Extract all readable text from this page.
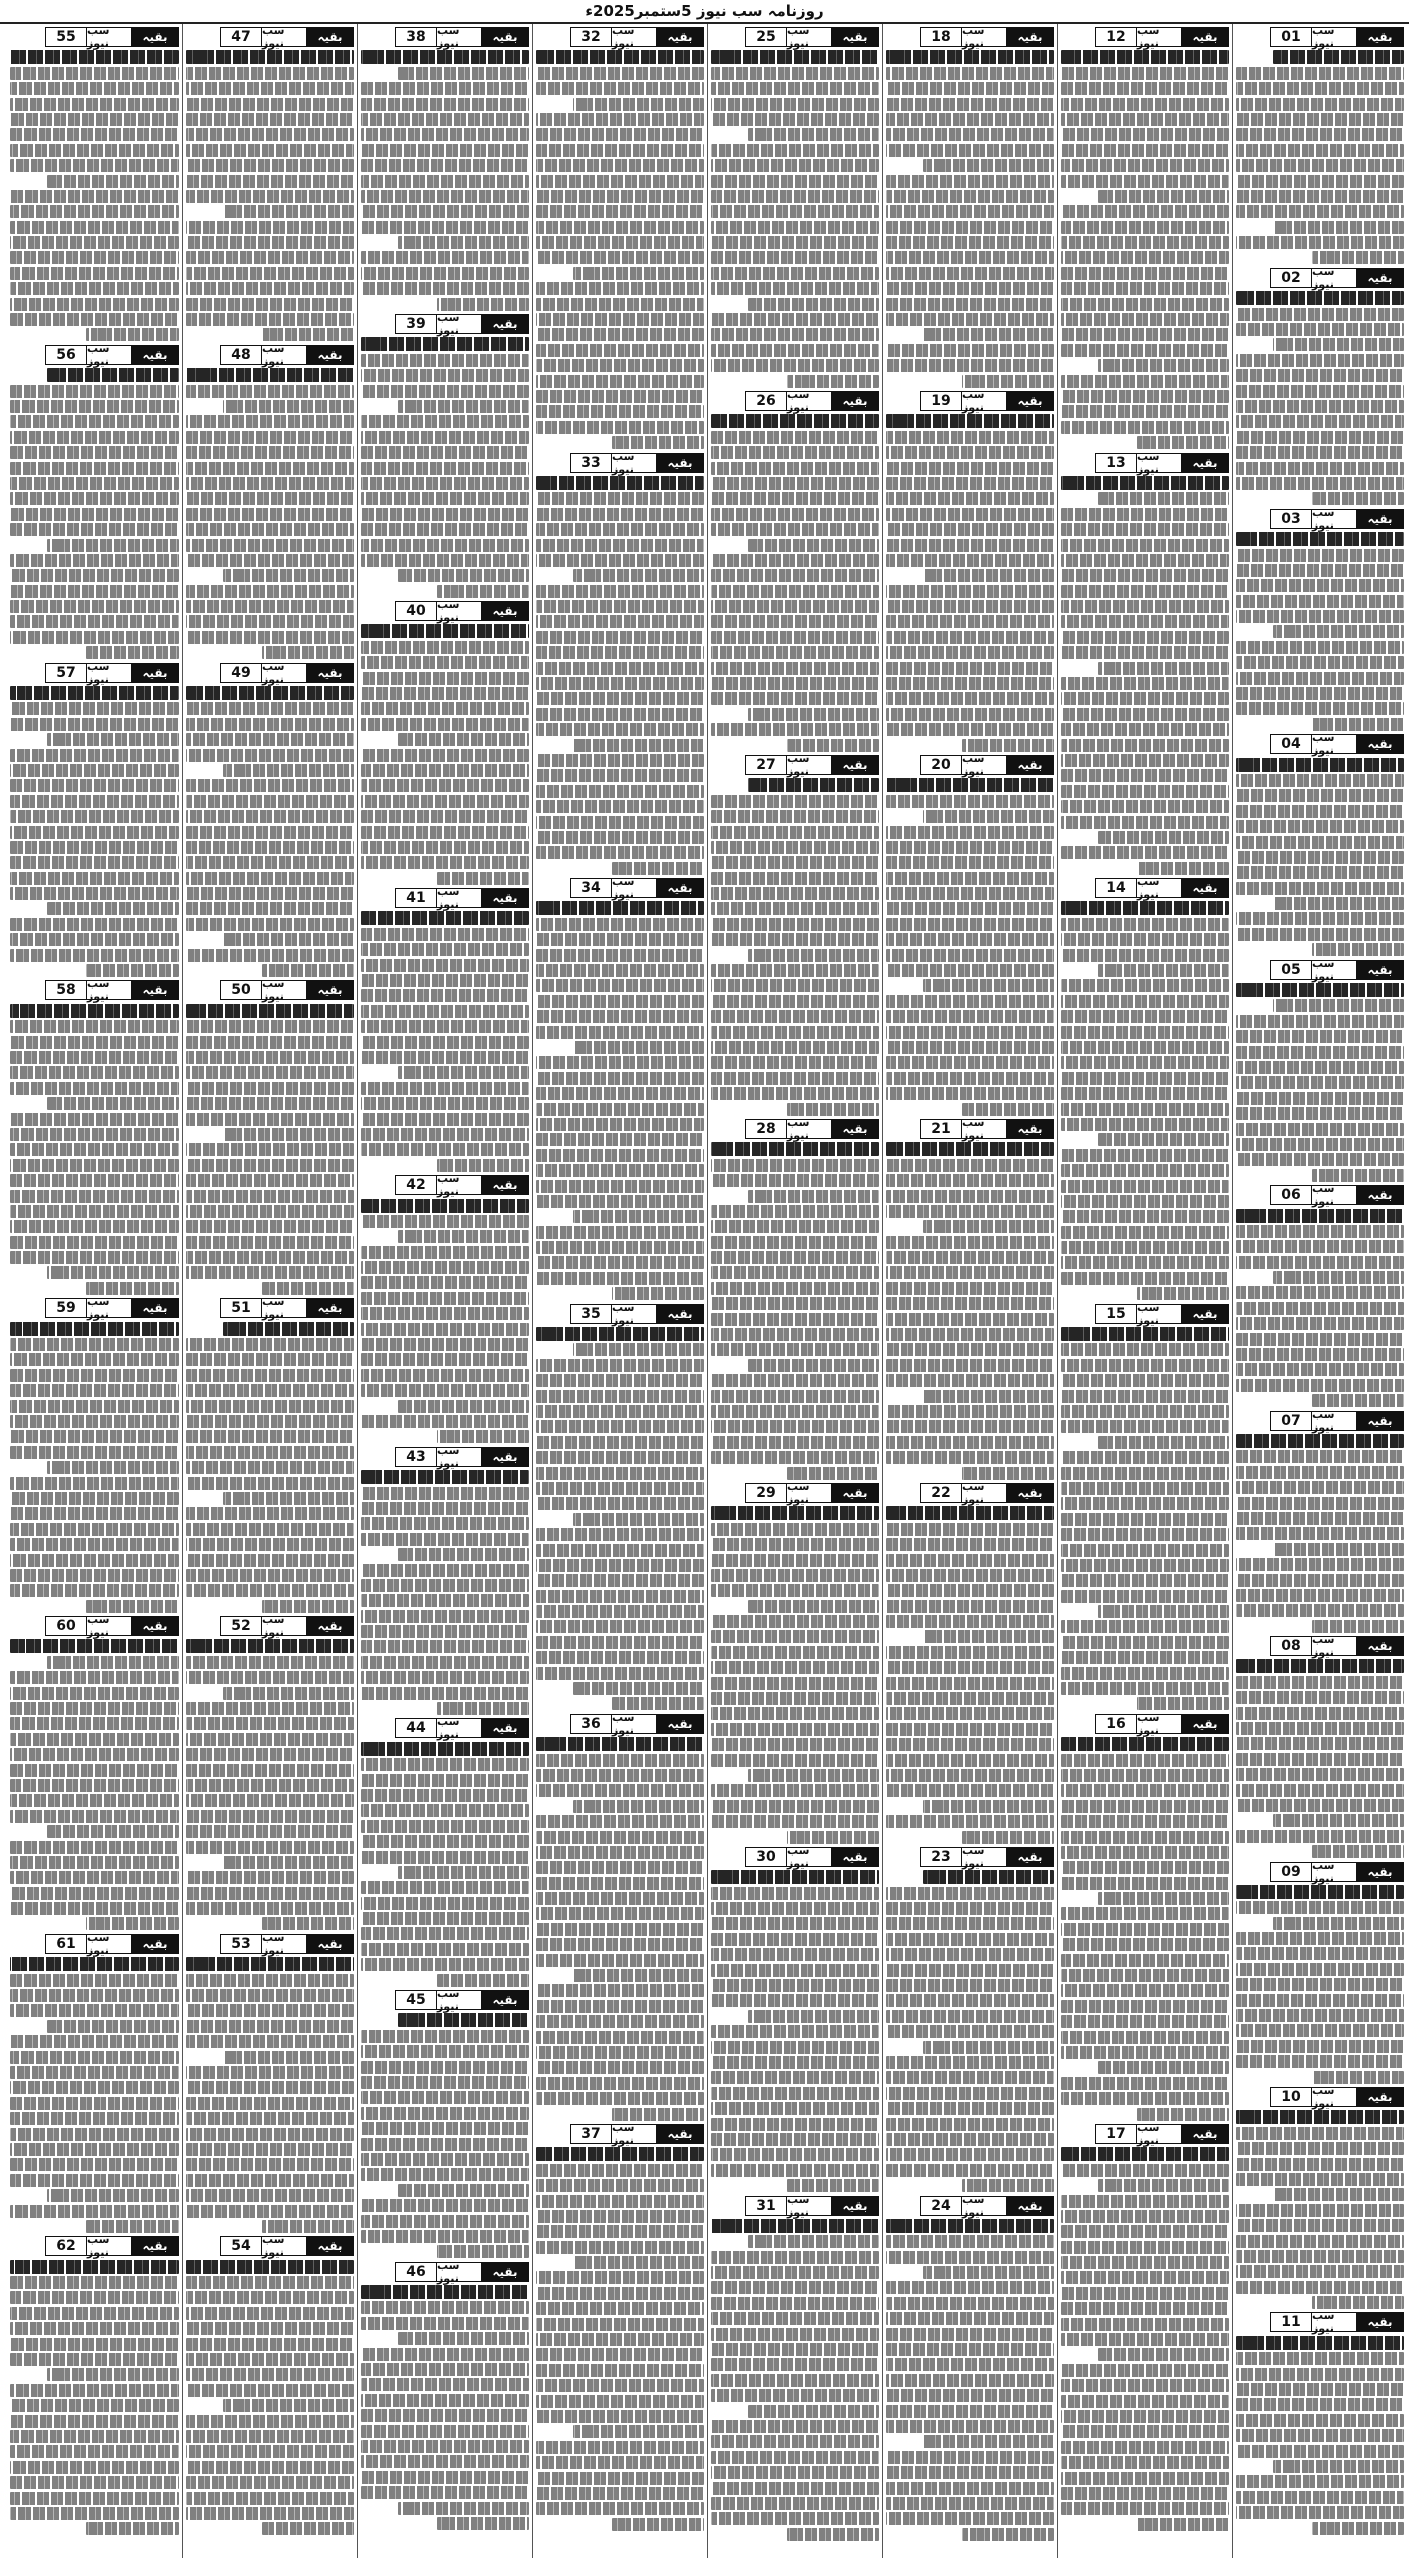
روزنامہ سب نیوز 5ستمبر2025ء
01	سب نیوز	بقیہ
02	سب نیوز	بقیہ
03	سب نیوز	بقیہ
04	سب نیوز	بقیہ
05	سب نیوز	بقیہ
06	سب نیوز	بقیہ
07	سب نیوز	بقیہ
08	سب نیوز	بقیہ
09	سب نیوز	بقیہ
10	سب نیوز	بقیہ
11	سب نیوز	بقیہ
12	سب نیوز	بقیہ
13	سب نیوز	بقیہ
14	سب نیوز	بقیہ
15	سب نیوز	بقیہ
16	سب نیوز	بقیہ
17	سب نیوز	بقیہ
18	سب نیوز	بقیہ
19	سب نیوز	بقیہ
20	سب نیوز	بقیہ
21	سب نیوز	بقیہ
22	سب نیوز	بقیہ
23	سب نیوز	بقیہ
24	سب نیوز	بقیہ
25	سب نیوز	بقیہ
26	سب نیوز	بقیہ
27	سب نیوز	بقیہ
28	سب نیوز	بقیہ
29	سب نیوز	بقیہ
30	سب نیوز	بقیہ
31	سب نیوز	بقیہ
32	سب نیوز	بقیہ
33	سب نیوز	بقیہ
34	سب نیوز	بقیہ
35	سب نیوز	بقیہ
36	سب نیوز	بقیہ
37	سب نیوز	بقیہ
38	سب نیوز	بقیہ
39	سب نیوز	بقیہ
40	سب نیوز	بقیہ
41	سب نیوز	بقیہ
42	سب نیوز	بقیہ
43	سب نیوز	بقیہ
44	سب نیوز	بقیہ
45	سب نیوز	بقیہ
46	سب نیوز	بقیہ
47	سب نیوز	بقیہ
48	سب نیوز	بقیہ
49	سب نیوز	بقیہ
50	سب نیوز	بقیہ
51	سب نیوز	بقیہ
52	سب نیوز	بقیہ
53	سب نیوز	بقیہ
54	سب نیوز	بقیہ
55	سب نیوز	بقیہ
56	سب نیوز	بقیہ
57	سب نیوز	بقیہ
58	سب نیوز	بقیہ
59	سب نیوز	بقیہ
60	سب نیوز	بقیہ
61	سب نیوز	بقیہ
62	سب نیوز	بقیہ
